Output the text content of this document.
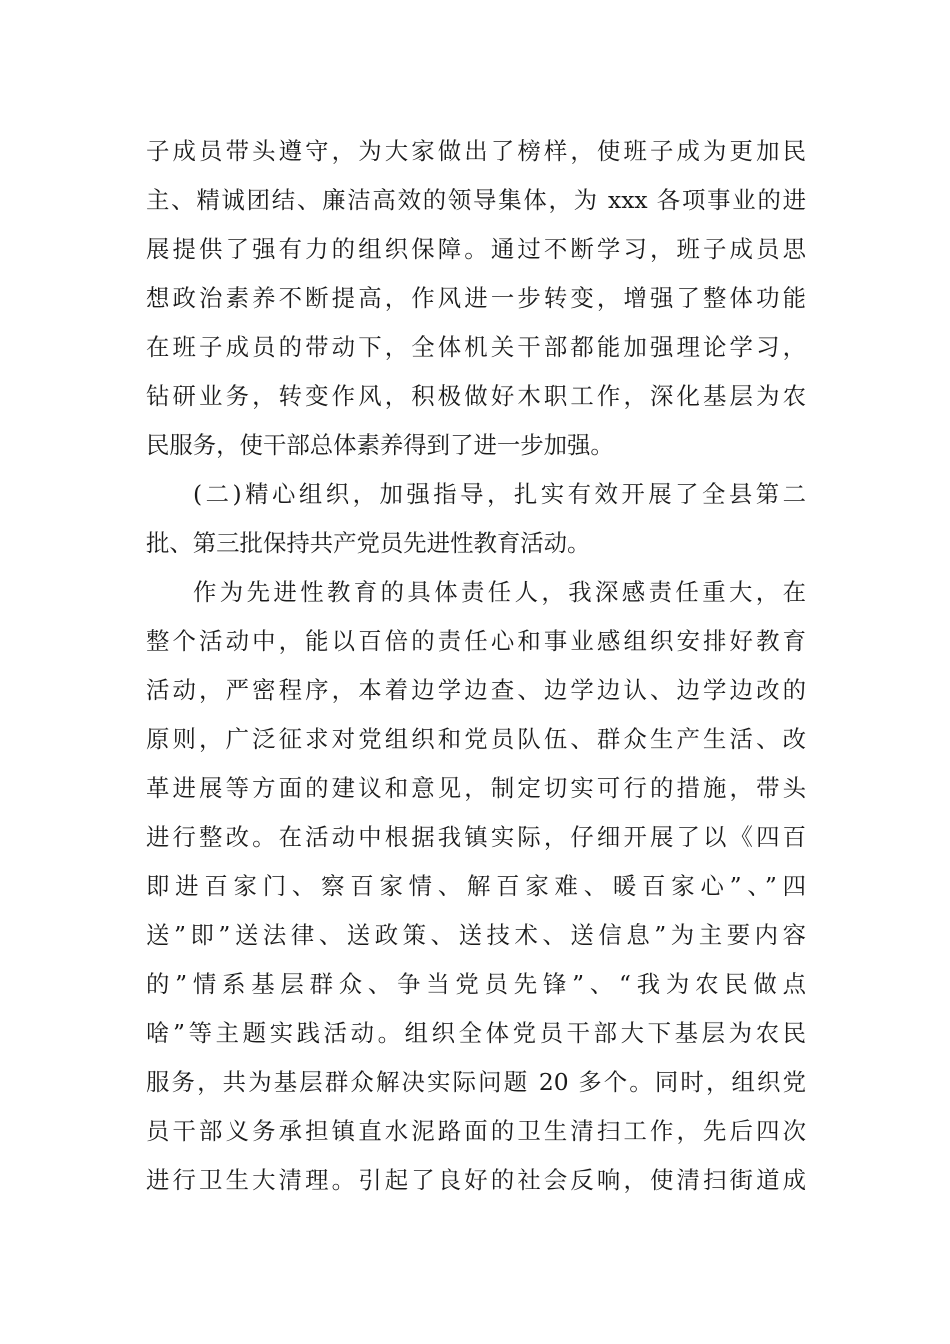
子成员带头遵守，为大家做出了榜样，使班子成为更加民
主、精诚团结、廉洁高效的领导集体，为 xxx 各项事业的进
展提供了强有力的组织保障。通过不断学习，班子成员思
想政治素养不断提高，作风进一步转变，增强了整体功能
在班子成员的带动下，全体机关干部都能加强理论学习，
钻研业务，转变作风，积极做好木职工作，深化基层为农
民服务，使干部总体素养得到了进一步加强。
(二)精心组织，加强指导，扎实有效开展了全县第二
批、第三批保持共产党员先进性教育活动。
作为先进性教育的具体责任人，我深感责任重大，在
整个活动中，能以百倍的责任心和事业感组织安排好教育
活动，严密程序，本着边学边查、边学边认、边学边改的
原则，广泛征求对党组织和党员队伍、群众生产生活、改
革进展等方面的建议和意见，制定切实可行的措施，带头
进行整改。在活动中根据我镇实际，仔细开展了以《四百
即进百家门、察百家情、解百家难、暖百家心”、”四
送”即”送法律、送政策、送技术、送信息”为主要内容
的”情系基层群众、争当党员先锋”、“我为农民做点
啥”等主题实践活动。组织全体党员干部大下基层为农民
服务，共为基层群众解决实际问题 20 多个。同时，组织党
员干部义务承担镇直水泥路面的卫生清扫工作，先后四次
进行卫生大清理。引起了良好的社会反响，使清扫街道成
